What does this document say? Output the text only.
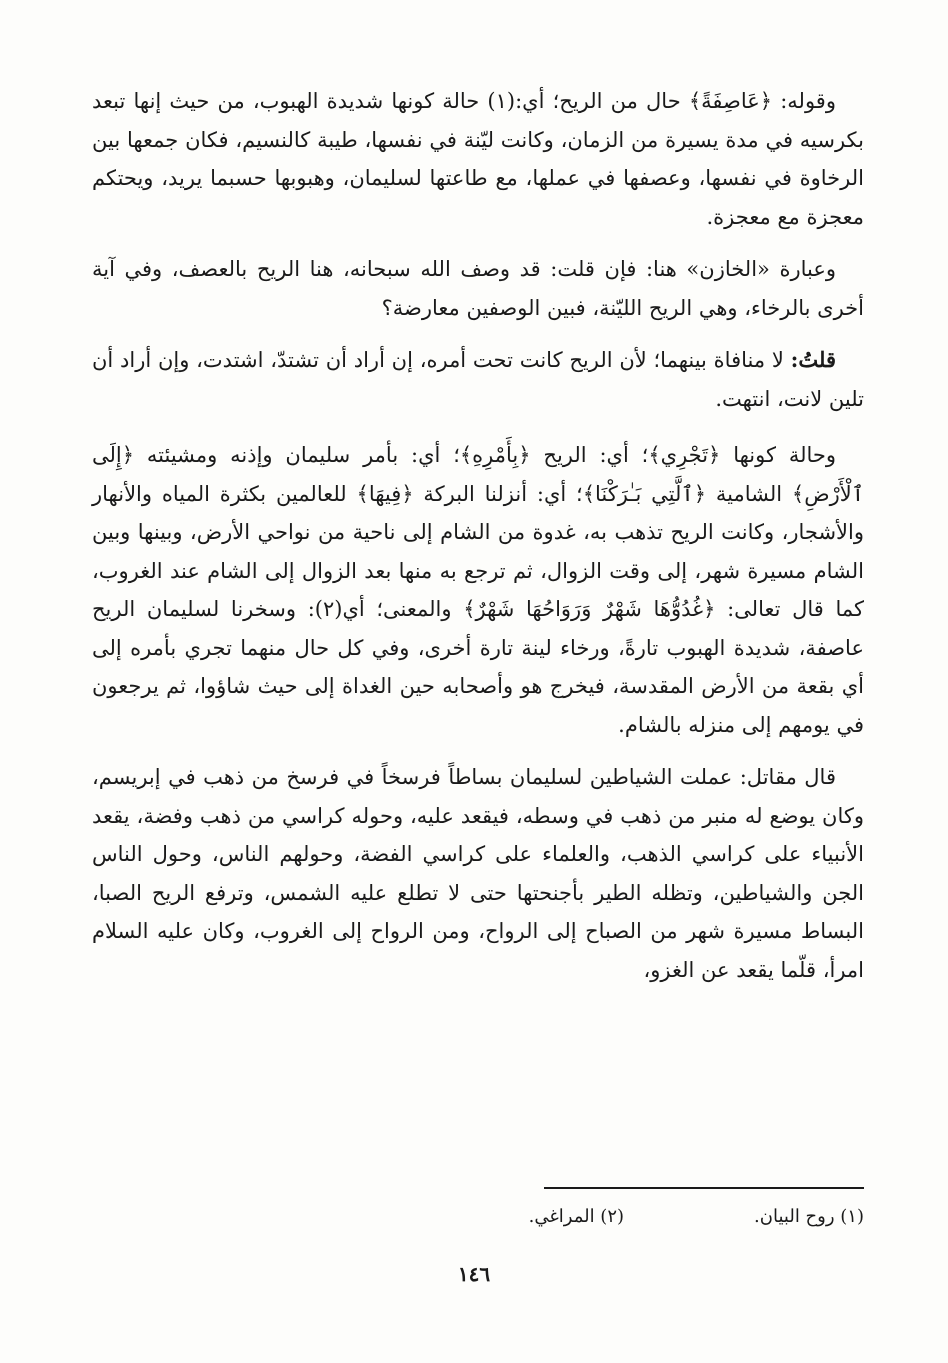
وقوله: ﴿عَاصِفَةً﴾ حال من الريح؛ أي:(١) حالة كونها شديدة الهبوب، من حيث إنها تبعد بكرسيه في مدة يسيرة من الزمان، وكانت ليّنة في نفسها، طيبة كالنسيم، فكان جمعها بين الرخاوة في نفسها، وعصفها في عملها، مع طاعتها لسليمان، وهبوبها حسبما يريد، ويحتكم معجزة مع معجزة.

وعبارة «الخازن» هنا: فإن قلت: قد وصف الله سبحانه، هنا الريح بالعصف، وفي آية أخرى بالرخاء، وهي الريح الليّنة، فبين الوصفين معارضة؟

قلتُ: لا منافاة بينهما؛ لأن الريح كانت تحت أمره، إن أراد أن تشتدّ، اشتدت، وإن أراد أن تلين لانت، انتهت.

وحالة كونها ﴿تَجْرِي﴾؛ أي: الريح ﴿بِأَمْرِهِ﴾؛ أي: بأمر سليمان وإذنه ومشيئته ﴿إِلَى ٱلْأَرْضِ﴾ الشامية ﴿ٱلَّتِي بَـٰرَكْنَا﴾؛ أي: أنزلنا البركة ﴿فِيهَا﴾ للعالمين بكثرة المياه والأنهار والأشجار، وكانت الريح تذهب به، غدوة من الشام إلى ناحية من نواحي الأرض، وبينها وبين الشام مسيرة شهر، إلى وقت الزوال، ثم ترجع به منها بعد الزوال إلى الشام عند الغروب، كما قال تعالى: ﴿غُدُوُّهَا شَهْرٌ وَرَوَاحُهَا شَهْرٌ﴾ والمعنى؛ أي(٢): وسخرنا لسليمان الريح عاصفة، شديدة الهبوب تارةً، ورخاء لينة تارة أخرى، وفي كل حال منهما تجري بأمره إلى أي بقعة من الأرض المقدسة، فيخرج هو وأصحابه حين الغداة إلى حيث شاؤوا، ثم يرجعون في يومهم إلى منزله بالشام.

قال مقاتل: عملت الشياطين لسليمان بساطاً فرسخاً في فرسخ من ذهب في إبريسم، وكان يوضع له منبر من ذهب في وسطه، فيقعد عليه، وحوله كراسي من ذهب وفضة، يقعد الأنبياء على كراسي الذهب، والعلماء على كراسي الفضة، وحولهم الناس، وحول الناس الجن والشياطين، وتظله الطير بأجنحتها حتى لا تطلع عليه الشمس، وترفع الريح الصبا، البساط مسيرة شهر من الصباح إلى الرواح، ومن الرواح إلى الغروب، وكان عليه السلام امرأ، قلّما يقعد عن الغزو،

(١) روح البيان.
(٢) المراغي.
١٤٦
